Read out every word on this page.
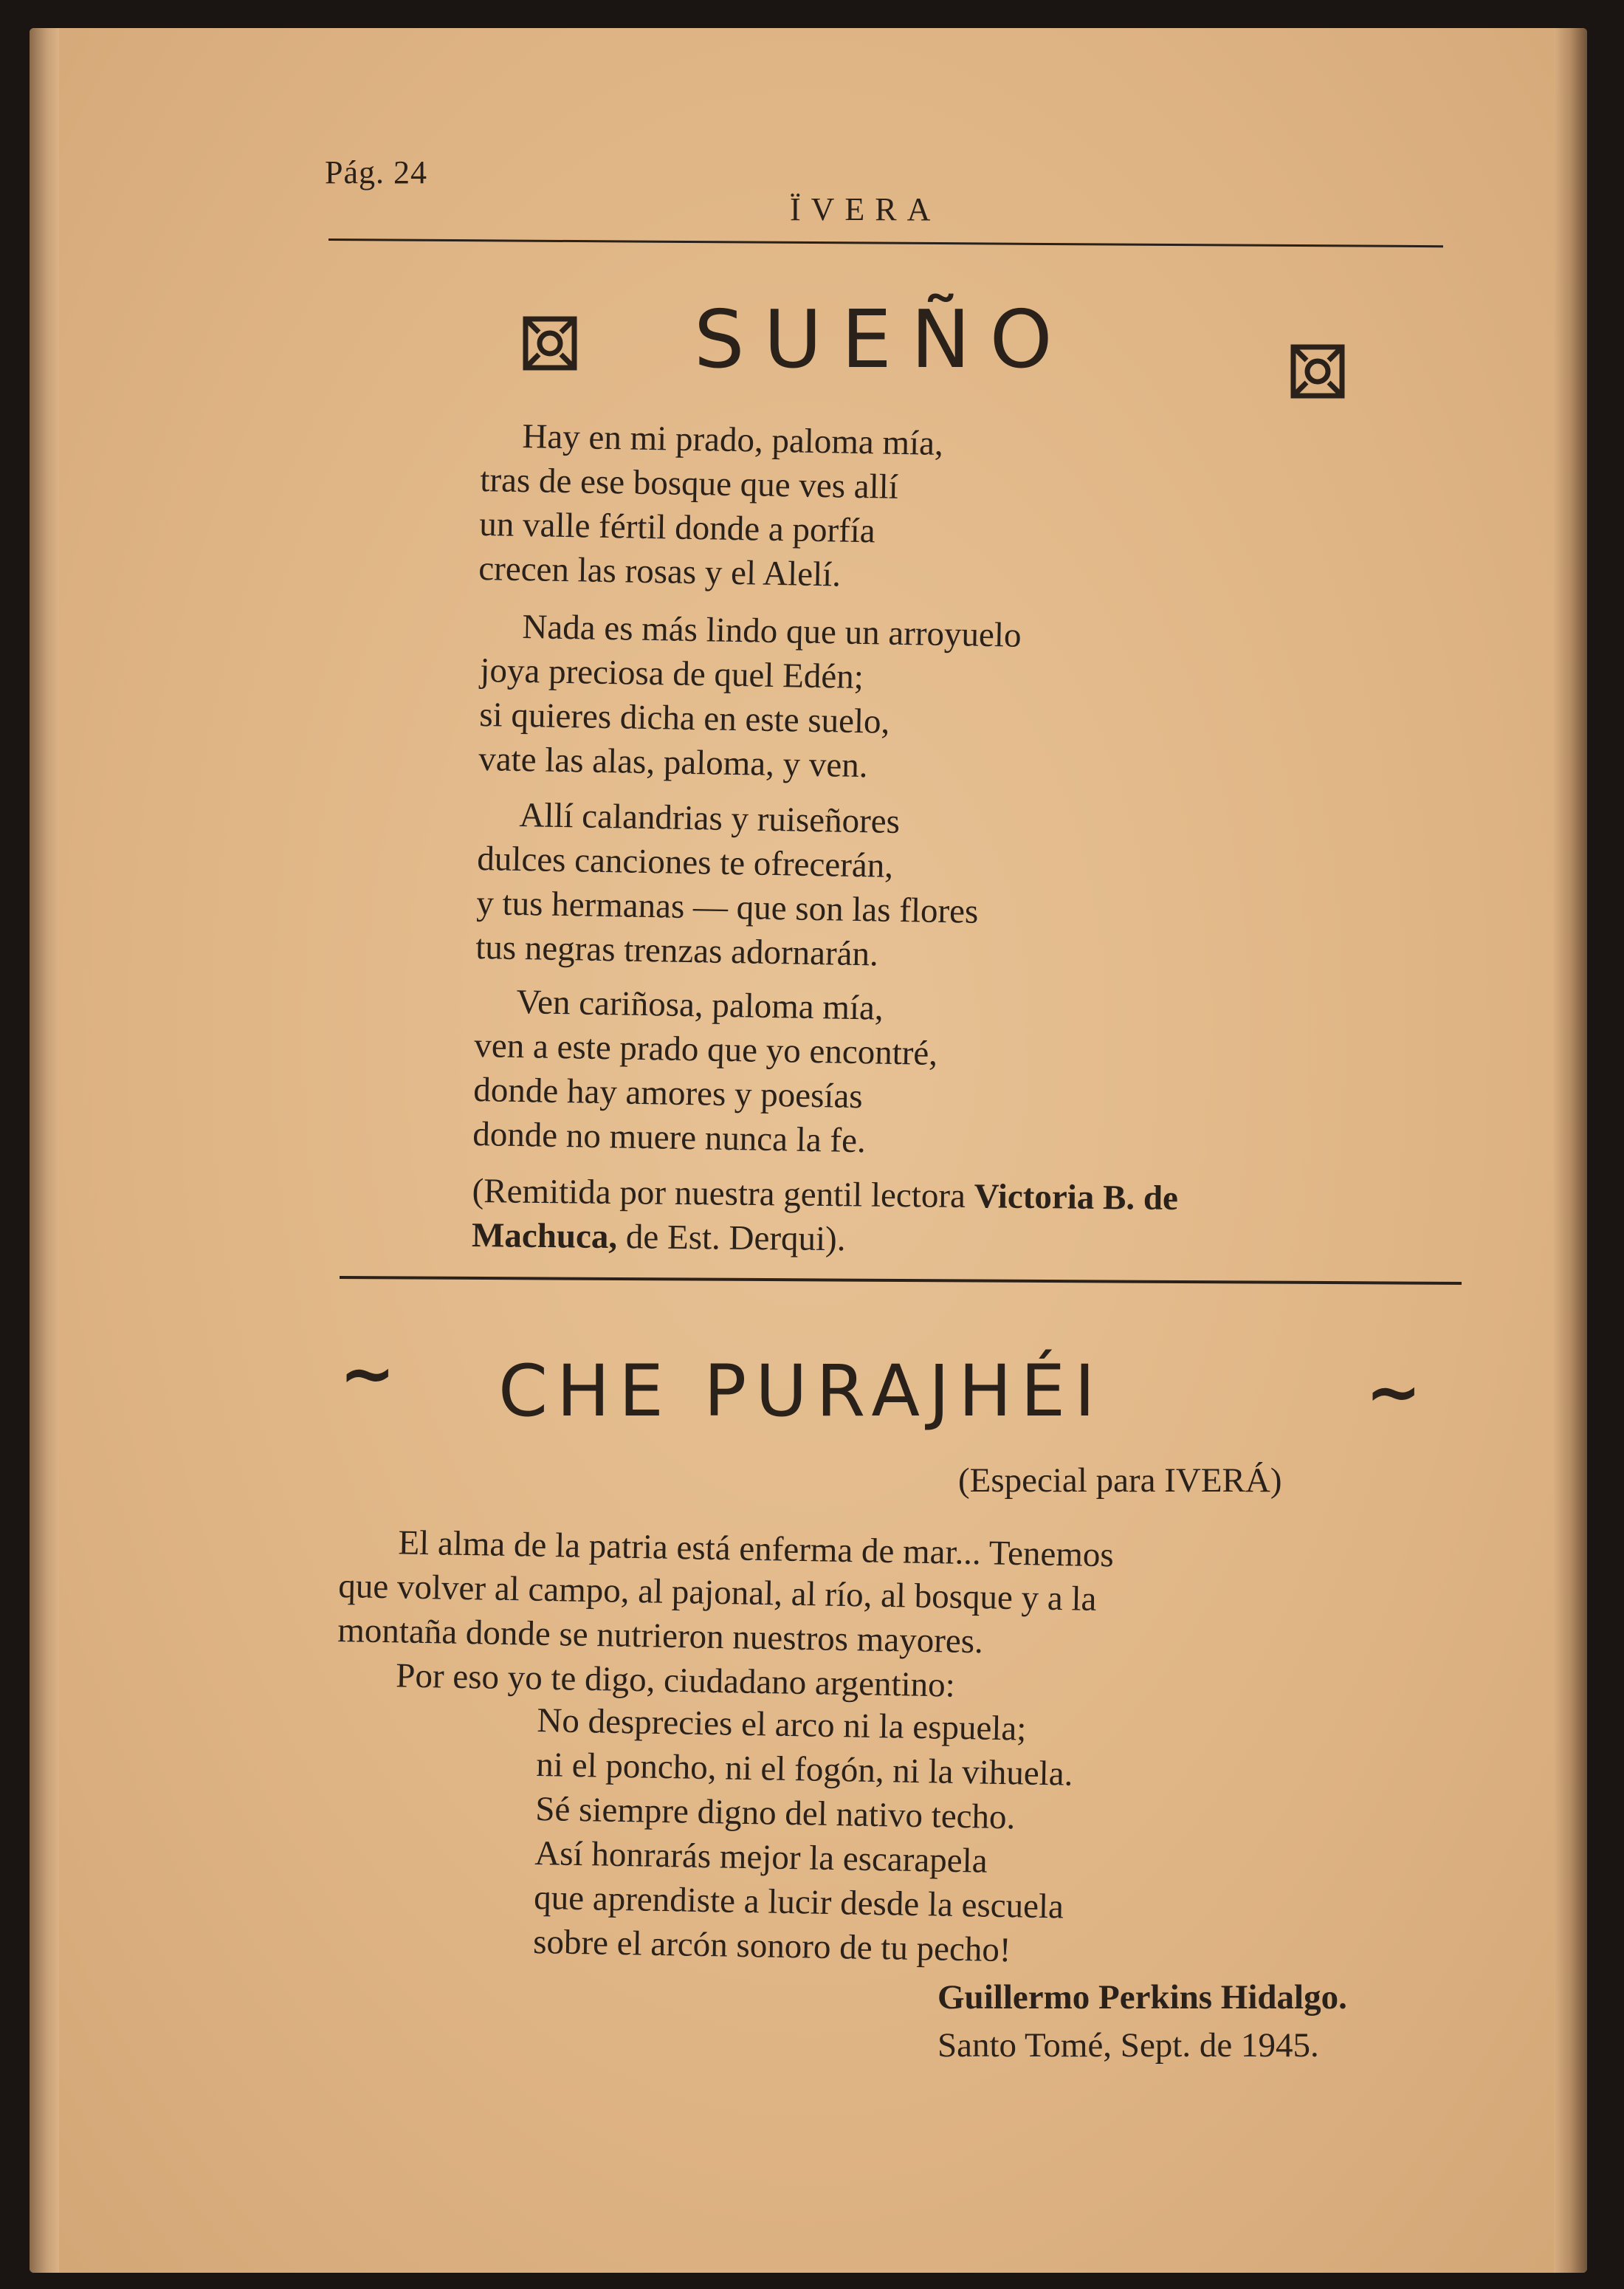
Pág. 24
ÏVERA
SUEÑO
Hay en mi prado, paloma mía,
tras de ese bosque que ves allí
un valle fértil donde a porfía
crecen las rosas y el Alelí.
Nada es más lindo que un arroyuelo
joya preciosa de quel Edén;
si quieres dicha en este suelo,
vate las alas, paloma, y ven.
Allí calandrias y ruiseñores
dulces canciones te ofrecerán,
y tus hermanas — que son las flores
tus negras trenzas adornarán.
Ven cariñosa, paloma mía,
ven a este prado que yo encontré,
donde hay amores y poesías
donde no muere nunca la fe.
(Remitida por nuestra gentil lectora Victoria B. de
Machuca, de Est. Derqui).
~ CHE PURAJHÉI	~
(Especial para IVERÁ)
El alma de la patria está enferma de mar... Tenemos
que volver al campo, al pajonal, al río, al bosque y a la
montaña donde se nutrieron nuestros mayores.
Por eso yo te digo, ciudadano argentino:
No desprecies el arco ni la espuela;
ni el poncho, ni el fogón, ni la vihuela.
Sé siempre digno del nativo techo.
Así honrarás mejor la escarapela
que aprendiste a lucir desde la escuela
sobre el arcón sonoro de tu pecho!
Guillermo Perkins Hidalgo.
Santo Tomé, Sept. de 1945.
